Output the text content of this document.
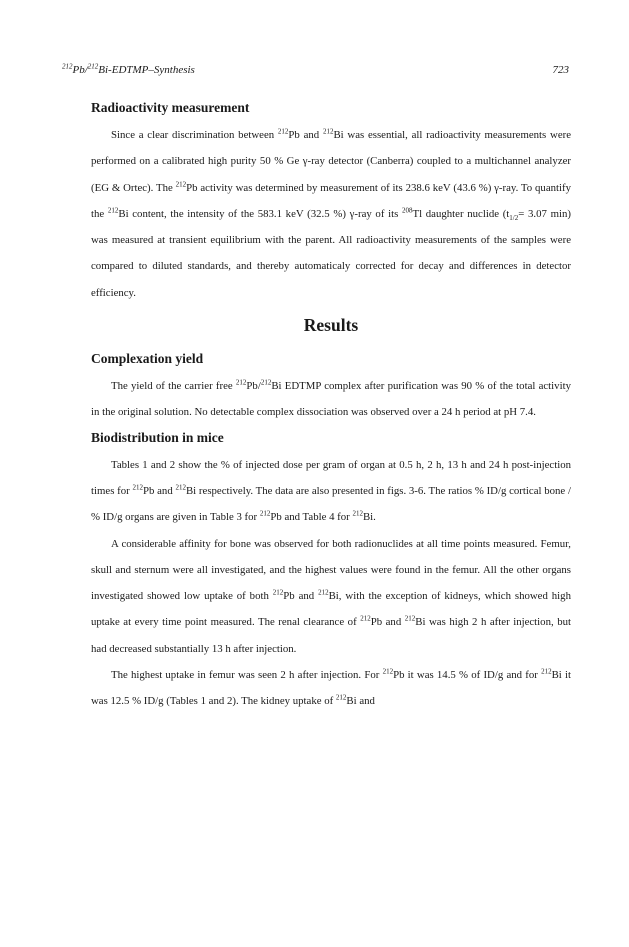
$^{212}$Pb/$^{212}$Bi-EDTMP–Synthesis	723
Radioactivity measurement

Since a clear discrimination between $^{212}$Pb and $^{212}$Bi was essential, all radioactivity measurements were performed on a calibrated high purity 50 % Ge γ-ray detector (Canberra) coupled to a multichannel analyzer (EG & Ortec). The $^{212}$Pb activity was determined by measurement of its 238.6 keV (43.6 %) γ-ray. To quantify the $^{212}$Bi content, the intensity of the 583.1 keV (32.5 %) γ-ray of its $^{208}$Tl daughter nuclide ($t_{1/2}= 3.07$ min) was measured at transient equilibrium with the parent. All radioactivity measurements of the samples were compared to diluted standards, and thereby automaticaly corrected for decay and differences in detector efficiency.

Results
Complexation yield

The yield of the carrier free $^{212}$Pb/$^{212}$Bi EDTMP complex after purification was 90 % of the total activity in the original solution. No detectable complex dissociation was observed over a 24 h period at pH 7.4.

Biodistribution in mice

Tables 1 and 2 show the % of injected dose per gram of organ at 0.5 h, 2 h, 13 h and 24 h post-injection times for $^{212}$Pb and $^{212}$Bi respectively. The data are also presented in figs. 3-6. The ratios % ID/g cortical bone / % ID/g organs are given in Table 3 for $^{212}$Pb and Table 4 for $^{212}$Bi.

A considerable affinity for bone was observed for both radionuclides at all time points measured. Femur, skull and sternum were all investigated, and the highest values were found in the femur. All the other organs investigated showed low uptake of both $^{212}$Pb and $^{212}$Bi, with the exception of kidneys, which showed high uptake at every time point measured. The renal clearance of $^{212}$Pb and $^{212}$Bi was high 2 h after injection, but had decreased substantially 13 h after injection.

The highest uptake in femur was seen 2 h after injection. For $^{212}$Pb it was 14.5 % of ID/g and for $^{212}$Bi it was 12.5 % ID/g (Tables 1 and 2). The kidney uptake of $^{212}$Bi and
